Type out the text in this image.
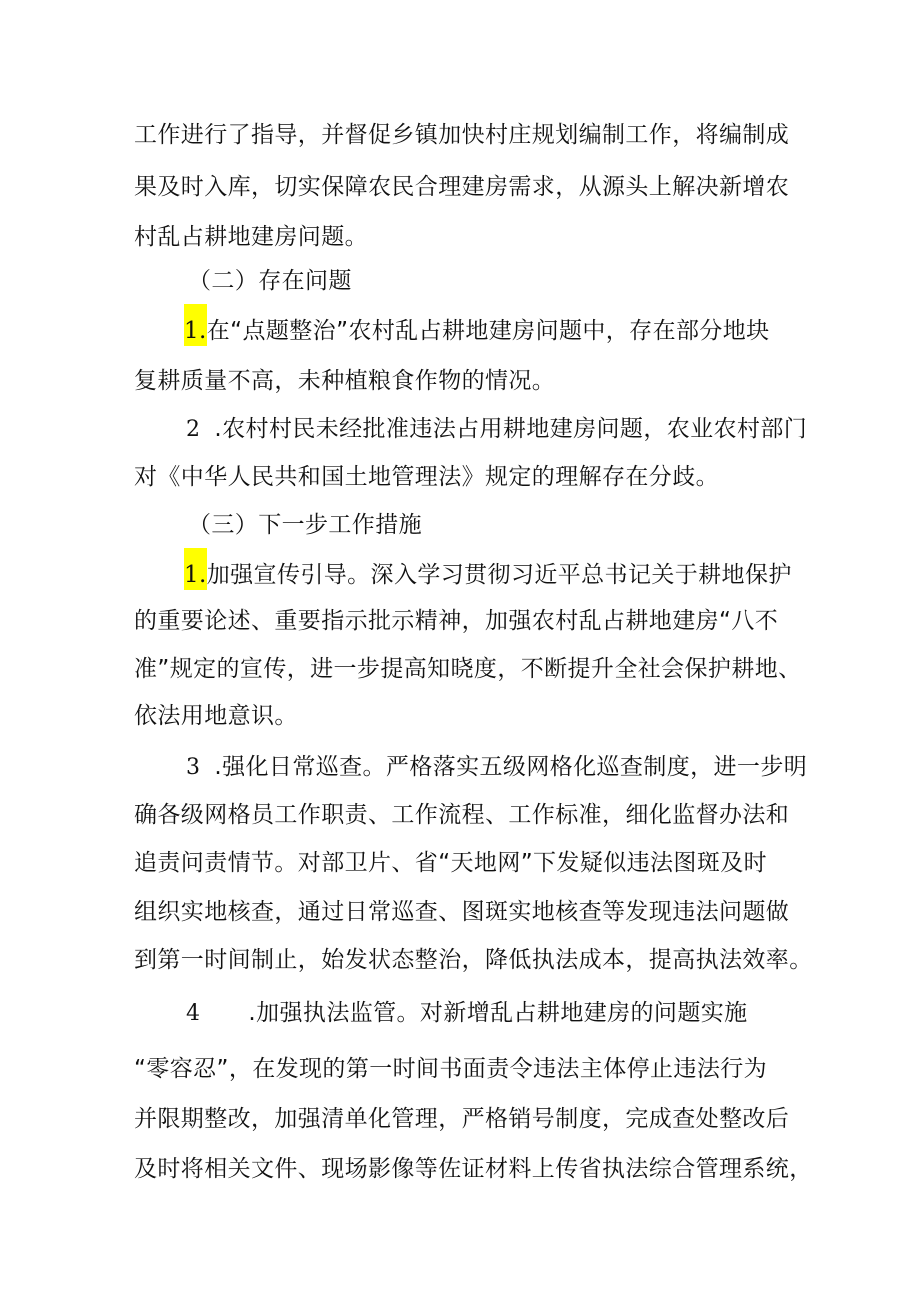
工作进行了指导，并督促乡镇加快村庄规划编制工作，将编制成
果及时入库，切实保障农民合理建房需求，从源头上解决新增农
村乱占耕地建房问题。
（二）存在问题
1.在“点题整治”农村乱占耕地建房问题中，存在部分地块
复耕质量不高，未种植粮食作物的情况。
2 .农村村民未经批准违法占用耕地建房问题，农业农村部门
对《中华人民共和国土地管理法》规定的理解存在分歧。
（三）下一步工作措施
1.加强宣传引导。深入学习贯彻习近平总书记关于耕地保护
的重要论述、重要指示批示精神，加强农村乱占耕地建房“八不
准”规定的宣传，进一步提高知晓度，不断提升全社会保护耕地、
依法用地意识。
3 .强化日常巡查。严格落实五级网格化巡查制度，进一步明
确各级网格员工作职责、工作流程、工作标准，细化监督办法和
追责问责情节。对部卫片、省“天地网”下发疑似违法图斑及时
组织实地核查，通过日常巡查、图斑实地核查等发现违法问题做
到第一时间制止，始发状态整治，降低执法成本，提高执法效率。
4 .加强执法监管。对新增乱占耕地建房的问题实施
“零容忍”，在发现的第一时间书面责令违法主体停止违法行为
并限期整改，加强清单化管理，严格销号制度，完成查处整改后
及时将相关文件、现场影像等佐证材料上传省执法综合管理系统，
